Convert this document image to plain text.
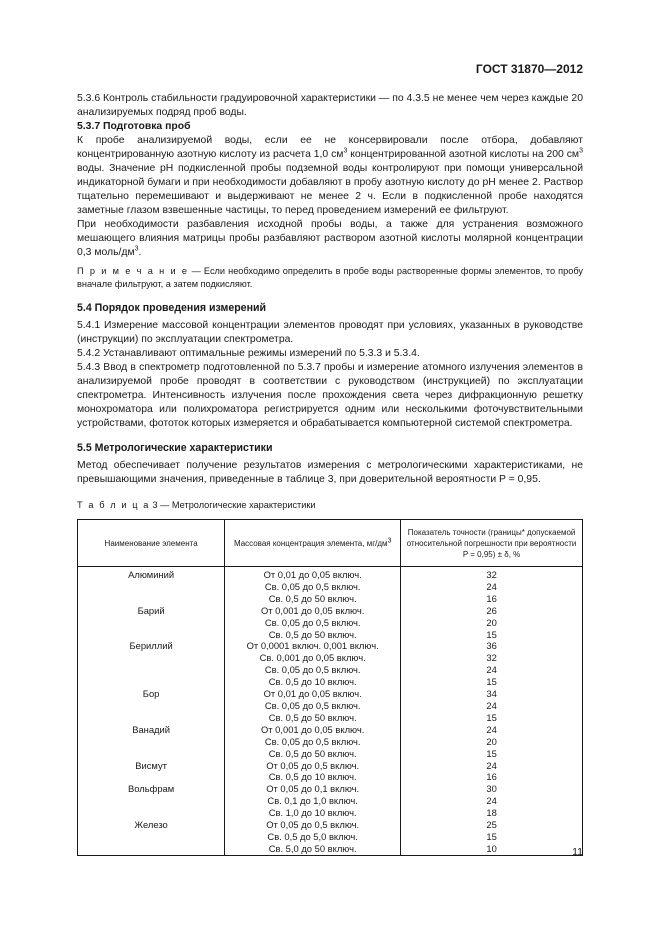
ГОСТ 31870—2012

5.3.6 Контроль стабильности градуировочной характеристики — по 4.3.5 не менее чем через каждые 20 анализируемых подряд проб воды.

5.3.7 Подготовка проб

К пробе анализируемой воды, если ее не консервировали после отбора, добавляют концентрированную азотную кислоту из расчета 1,0 $см^3$ концентрированной азотной кислоты на 200 $см^3$ воды. Значение pH подкисленной пробы подземной воды контролируют при помощи универсальной индикаторной бумаги и при необходимости добавляют в пробу азотную кислоту до pH менее 2. Раствор тщательно перемешивают и выдерживают не менее 2 ч. Если в подкисленной пробе находятся заметные глазом взвешенные частицы, то перед проведением измерений ее фильтруют.

При необходимости разбавления исходной пробы воды, а также для устранения возможного мешающего влияния матрицы пробы разбавляют раствором азотной кислоты молярной концентрации 0,3 моль/$дм^3$.

П р и м е ч а н и е — Если необходимо определить в пробе воды растворенные формы элементов, то пробу вначале фильтруют, а затем подкисляют.

5.4 Порядок проведения измерений

5.4.1 Измерение массовой концентрации элементов проводят при условиях, указанных в руководстве (инструкции) по эксплуатации спектрометра.

5.4.2 Устанавливают оптимальные режимы измерений по 5.3.3 и 5.3.4.

5.4.3 Ввод в спектрометр подготовленной по 5.3.7 пробы и измерение атомного излучения элементов в анализируемой пробе проводят в соответствии с руководством (инструкцией) по эксплуатации спектрометра. Интенсивность излучения после прохождения света через дифракционную решетку монохроматора или полихроматора регистрируется одним или несколькими фоточувствительными устройствами, фототок которых измеряется и обрабатывается компьютерной системой спектрометра.

5.5 Метрологические характеристики

Метод обеспечивает получение результатов измерения с метрологическими характеристиками, не превышающими значения, приведенные в таблице 3, при доверительной вероятности P = 0,95.

Т а б л и ц а 3 — Метрологические характеристики

Наименование элемента	Массовая концентрация элемента, $мг/дм^3$	Показатель точности (границы* допускаемой относительной погрешности при вероятности P = 0,95) ± δ, %
Алюминий	От 0,01 до 0,05 включ.	32
	Св. 0,05 до 0,5 включ.	24
	Св. 0,5 до 50 включ.	16
Барий	От 0,001 до 0,05 включ.	26
	Св. 0,05 до 0,5 включ.	20
	Св. 0,5 до 50 включ.	15
Бериллий	От 0,0001 включ. 0,001 включ.	36
	Св. 0,001 до 0,05 включ.	32
	Св. 0,05 до 0,5 включ.	24
	Св. 0,5 до 10 включ.	15
Бор	От 0,01 до 0,05 включ.	34
	Св. 0,05 до 0,5 включ.	24
	Св. 0,5 до 50 включ.	15
Ванадий	От 0,001 до 0,05 включ.	24
	Св. 0,05 до 0,5 включ.	20
	Св. 0,5 до 50 включ.	15
Висмут	От 0,05 до 0,5 включ.	24
	Св. 0,5 до 10 включ.	16
Вольфрам	От 0,05 до 0,1 включ.	30
	Св. 0,1 до 1,0 включ.	24
	Св. 1,0 до 10 включ.	18
Железо	От 0,05 до 0,5 включ.	25
	Св. 0,5 до 5,0 включ.	15
	Св. 5,0 до 50 включ.	10	11
